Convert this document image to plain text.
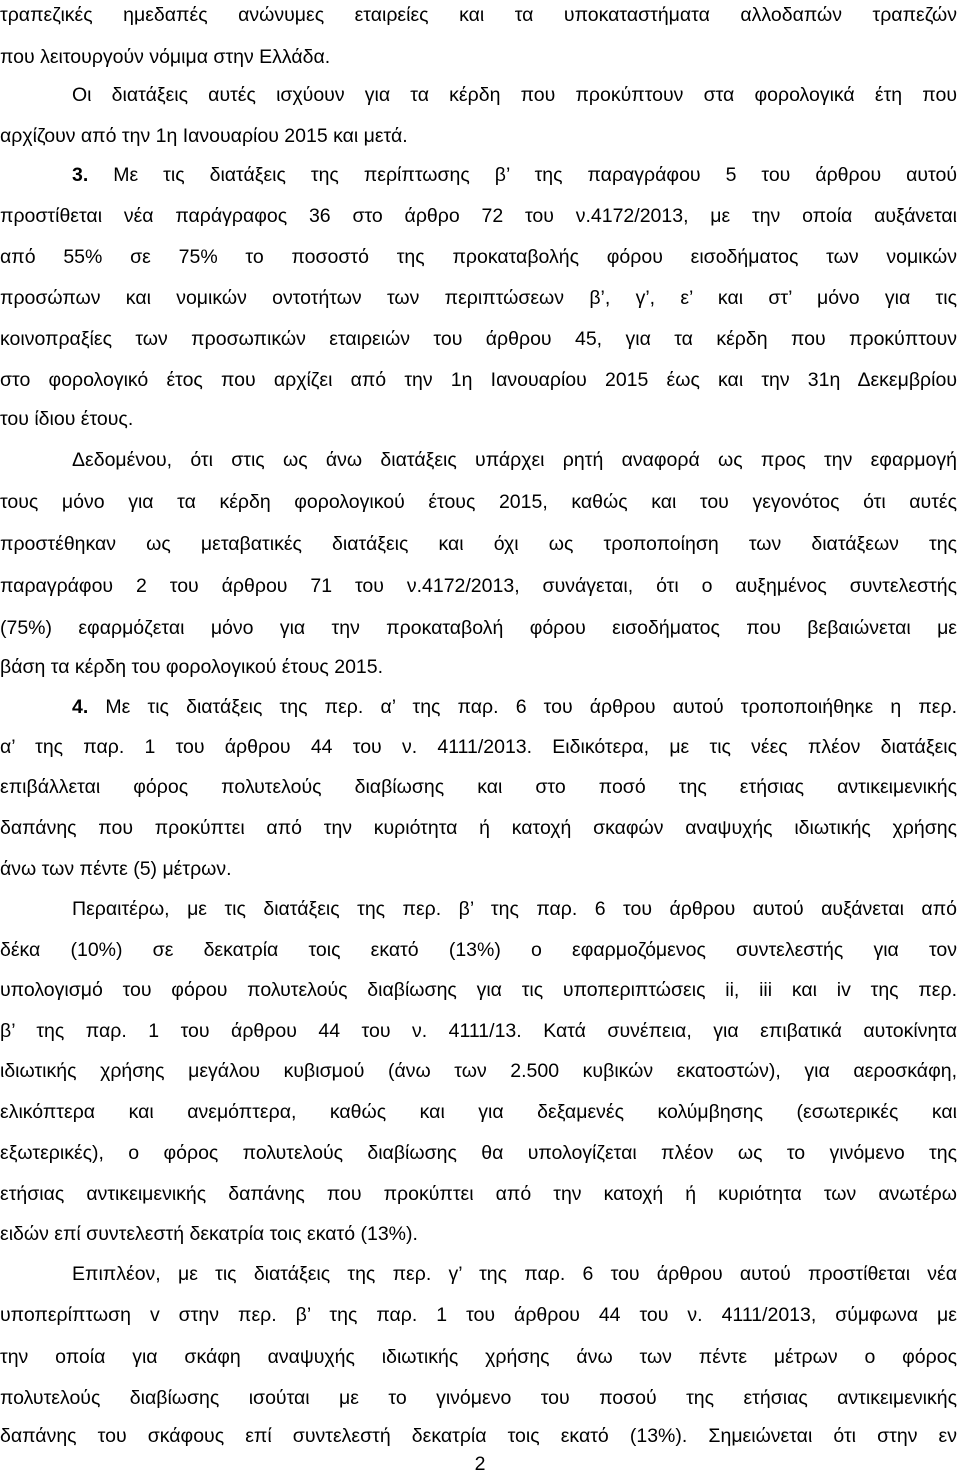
τραπεζικές ημεδαπές ανώνυμες εταιρείες και τα υποκαταστήματα αλλοδαπών τραπεζών
που λειτουργούν νόμιμα στην Ελλάδα.
Οι διατάξεις αυτές ισχύουν για τα κέρδη που προκύπτουν στα φορολογικά έτη που
αρχίζουν από την 1η Ιανουαρίου 2015 και μετά.
3. Με τις διατάξεις της περίπτωσης β’ της παραγράφου 5 του άρθρου αυτού
προστίθεται νέα παράγραφος 36 στο άρθρο 72 του ν.4172/2013, με την οποία αυξάνεται
από 55% σε 75% το ποσοστό της προκαταβολής φόρου εισοδήματος των νομικών
προσώπων και νομικών οντοτήτων των περιπτώσεων β’, γ’, ε’ και στ’ μόνο για τις
κοινοπραξίες των προσωπικών εταιρειών του άρθρου 45, για τα κέρδη που προκύπτουν
στο φορολογικό έτος που αρχίζει από την 1η Ιανουαρίου 2015 έως και την 31η Δεκεμβρίου
του ίδιου έτους.
Δεδομένου, ότι στις ως άνω διατάξεις υπάρχει ρητή αναφορά ως προς την εφαρμογή
τους μόνο για τα κέρδη φορολογικού έτους 2015, καθώς και του γεγονότος ότι αυτές
προστέθηκαν ως μεταβατικές διατάξεις και όχι ως τροποποίηση των διατάξεων της
παραγράφου 2 του άρθρου 71 του ν.4172/2013, συνάγεται, ότι ο αυξημένος συντελεστής
(75%) εφαρμόζεται μόνο για την προκαταβολή φόρου εισοδήματος που βεβαιώνεται με
βάση τα κέρδη του φορολογικού έτους 2015.
4. Με τις διατάξεις της περ. α’ της παρ. 6 του άρθρου αυτού τροποποιήθηκε η περ.
α’ της παρ. 1 του άρθρου 44 του ν. 4111/2013. Ειδικότερα, με τις νέες πλέον διατάξεις
επιβάλλεται φόρος πολυτελούς διαβίωσης και στο ποσό της ετήσιας αντικειμενικής
δαπάνης που προκύπτει από την κυριότητα ή κατοχή σκαφών αναψυχής ιδιωτικής χρήσης
άνω των πέντε (5) μέτρων.
Περαιτέρω, με τις διατάξεις της περ. β’ της παρ. 6 του άρθρου αυτού αυξάνεται από
δέκα (10%) σε δεκατρία τοις εκατό (13%) ο εφαρμοζόμενος συντελεστής για τον
υπολογισμό του φόρου πολυτελούς διαβίωσης για τις υποπεριπτώσεις ii, iii και iv της περ.
β’ της παρ. 1 του άρθρου 44 του ν. 4111/13. Κατά συνέπεια, για επιβατικά αυτοκίνητα
ιδιωτικής χρήσης μεγάλου κυβισμού (άνω των 2.500 κυβικών εκατοστών), για αεροσκάφη,
ελικόπτερα και ανεμόπτερα, καθώς και για δεξαμενές κολύμβησης (εσωτερικές και
εξωτερικές), ο φόρος πολυτελούς διαβίωσης θα υπολογίζεται πλέον ως το γινόμενο της
ετήσιας αντικειμενικής δαπάνης που προκύπτει από την κατοχή ή κυριότητα των ανωτέρω
ειδών επί συντελεστή δεκατρία τοις εκατό (13%).
Επιπλέον, με τις διατάξεις της περ. γ’ της παρ. 6 του άρθρου αυτού προστίθεται νέα
υποπερίπτωση v στην περ. β’ της παρ. 1 του άρθρου 44 του ν. 4111/2013, σύμφωνα με
την οποία για σκάφη αναψυχής ιδιωτικής χρήσης άνω των πέντε μέτρων ο φόρος
πολυτελούς διαβίωσης ισούται με το γινόμενο του ποσού της ετήσιας αντικειμενικής
δαπάνης του σκάφους επί συντελεστή δεκατρία τοις εκατό (13%). Σημειώνεται ότι στην εν
2
